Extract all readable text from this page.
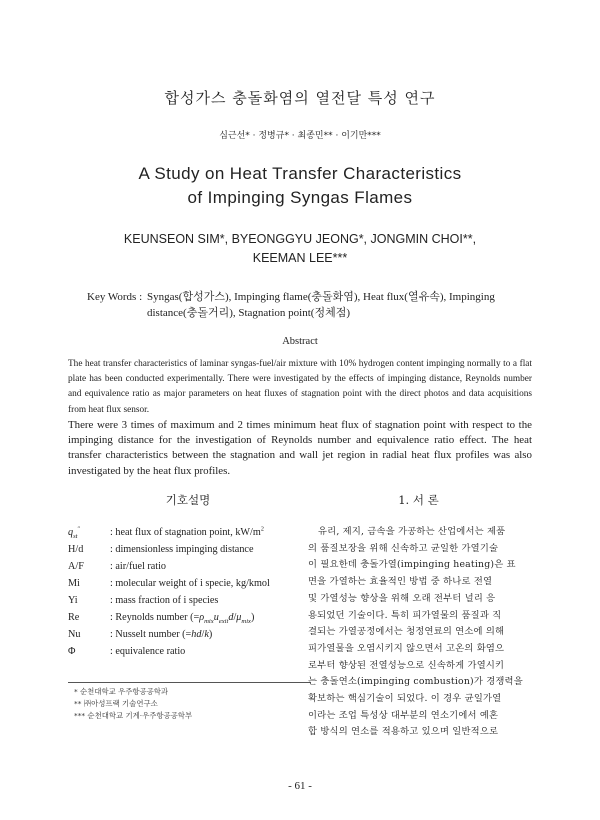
합성가스 충돌화염의 열전달 특성 연구
심근선* · 정병규* · 최종민** · 이기만***
A Study on Heat Transfer Characteristics
of Impinging Syngas Flames
KEUNSEON SIM*, BYEONGGYU JEONG*, JONGMIN CHOI**,
KEEMAN LEE***
Key Words : Syngas(합성가스), Impinging flame(충돌화염), Heat flux(열유속), Impinging
distance(충돌거리), Stagnation point(정체점)
Abstract

The heat transfer characteristics of laminar syngas-fuel/air mixture with 10% hydrogen content impinging normally to a flat plate has been conducted experimentally. There were investigated by the effects of impinging distance, Reynolds number and equivalence ratio as major parameters on heat fluxes of stagnation point with the direct photos and data acquisitions from heat flux sensor.

There were 3 times of maximum and 2 times minimum heat flux of stagnation point with respect to the impinging distance for the investigation of Reynolds number and equivalence ratio effect. The heat transfer characteristics between the stagnation and wall jet region in radial heat flux profiles was also investigated by the heat flux profiles.

기호설명
$q_{st}''$	: heat flux of stagnation point, $kW/m^2$
H/d	: dimensionless impinging distance
A/F	: air/fuel ratio
Mi	: molecular weight of i specie, kg/kmol
Yi	: mass fraction of i species
Re	: Reynolds number $(=\rho_{mix}u_{exit}d/\mu_{mix})$
Nu	: Nusselt number (=hd/k)
Φ	: equivalence ratio
* 순천대학교 우주항공공학과
** ㈜아성프랙 기술연구소
*** 순천대학교 기계·우주항공공학부
1. 서 론

유리, 제지, 금속을 가공하는 산업에서는 제품

의 품질보장을 위해 신속하고 균일한 가열기술

이 필요한데 충돌가열(impinging heating)은 표

면을 가열하는 효율적인 방법 중 하나로 전열

및 가열성능 향상을 위해 오래 전부터 널리 응

용되었던 기술이다. 특히 피가열물의 품질과 직

결되는 가열공정에서는 청정연료의 연소에 의해

피가열물을 오염시키지 않으면서 고온의 화염으

로부터 향상된 전열성능으로 신속하게 가열시키

는 충돌연소(impinging combustion)가 경쟁력을

확보하는 핵심기술이 되었다. 이 경우 균일가열

이라는 조업 특성상 대부분의 연소기에서 예혼

합 방식의 연소를 적용하고 있으며 일반적으로

- 61 -
